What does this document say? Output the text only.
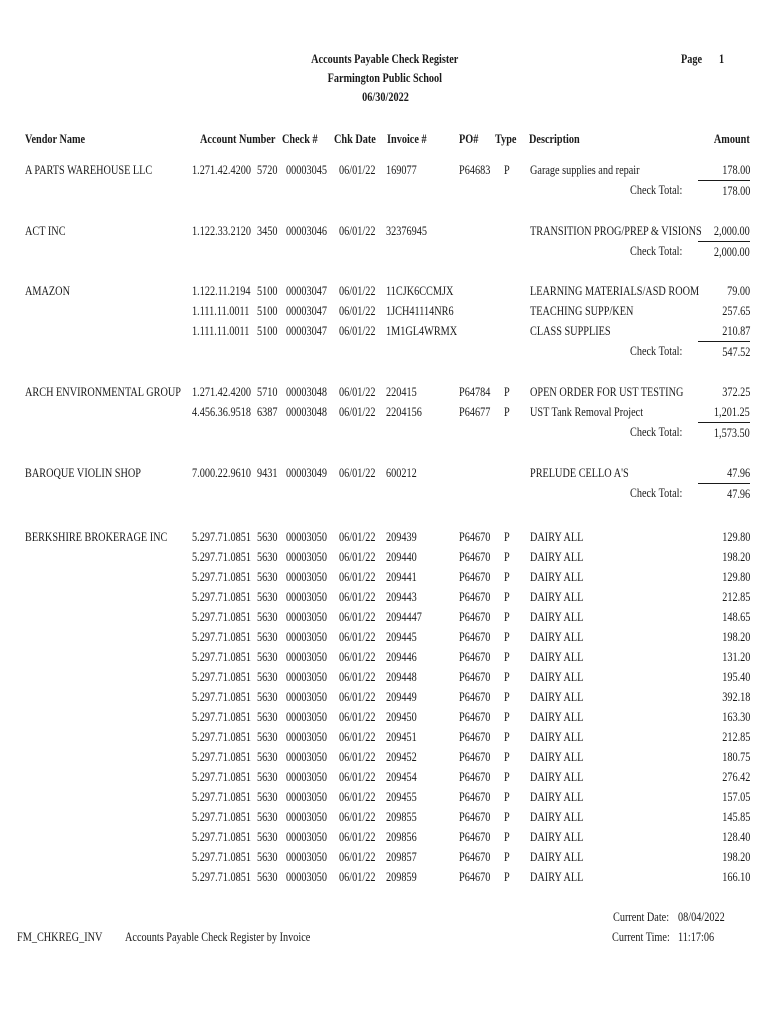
Accounts Payable Check Register
Farmington Public School
06/30/2022
Page	1
Vendor Name	Account Number Check #	Chk Date Invoice #	PO#	Type	Description	Amount
A PARTS WAREHOUSE LLC	1.271.42.4200 5720 00003045 06/01/22 169077	P64683	P Garage supplies and repair	178.00
Check Total:	178.00
ACT INC	1.122.33.2120 3450 00003046 06/01/22 32376945	TRANSITION PROG/PREP & VISIONS 2,000.00
Check Total:	2,000.00
AMAZON	1.122.11.2194 5100 00003047 06/01/22 11CJK6CCMJX	LEARNING MATERIALS/ASD ROOM	79.00
1.111.11.0011 5100 00003047 06/01/22 1JCH41114NR6	TEACHING SUPP/KEN	257.65
1.111.11.0011 5100 00003047 06/01/22 1M1GL4WRMX	CLASS SUPPLIES	210.87
Check Total:	547.52
ARCH ENVIRONMENTAL GROUP 1.271.42.4200 5710 00003048 06/01/22 220415	P64784	P OPEN ORDER FOR UST TESTING	372.25
4.456.36.9518 6387 00003048 06/01/22 2204156	P64677	P UST Tank Removal Project	1,201.25
Check Total:	1,573.50
BAROQUE VIOLIN SHOP	7.000.22.9610 9431 00003049 06/01/22 600212	PRELUDE CELLO A'S	47.96
Check Total:	47.96
BERKSHIRE BROKERAGE INC	5.297.71.0851 5630 00003050 06/01/22 209439	P64670	P DAIRY ALL	129.80
5.297.71.0851 5630 00003050 06/01/22 209440	P64670	P DAIRY ALL	198.20
5.297.71.0851 5630 00003050 06/01/22 209441	P64670	P DAIRY ALL	129.80
5.297.71.0851 5630 00003050 06/01/22 209443	P64670	P DAIRY ALL	212.85
5.297.71.0851 5630 00003050 06/01/22 2094447	P64670	P DAIRY ALL	148.65
5.297.71.0851 5630 00003050 06/01/22 209445	P64670	P DAIRY ALL	198.20
5.297.71.0851 5630 00003050 06/01/22 209446	P64670	P DAIRY ALL	131.20
5.297.71.0851 5630 00003050 06/01/22 209448	P64670	P DAIRY ALL	195.40
5.297.71.0851 5630 00003050 06/01/22 209449	P64670	P DAIRY ALL	392.18
5.297.71.0851 5630 00003050 06/01/22 209450	P64670	P DAIRY ALL	163.30
5.297.71.0851 5630 00003050 06/01/22 209451	P64670	P DAIRY ALL	212.85
5.297.71.0851 5630 00003050 06/01/22 209452	P64670	P DAIRY ALL	180.75
5.297.71.0851 5630 00003050 06/01/22 209454	P64670	P DAIRY ALL	276.42
5.297.71.0851 5630 00003050 06/01/22 209455	P64670	P DAIRY ALL	157.05
5.297.71.0851 5630 00003050 06/01/22 209855	P64670	P DAIRY ALL	145.85
5.297.71.0851 5630 00003050 06/01/22 209856	P64670	P DAIRY ALL	128.40
5.297.71.0851 5630 00003050 06/01/22 209857	P64670	P DAIRY ALL	198.20
5.297.71.0851 5630 00003050 06/01/22 209859	P64670	P DAIRY ALL	166.10
FM_CHKREG_INV	Accounts Payable Check Register by Invoice
Current Date: 08/04/2022
Current Time: 11:17:06
